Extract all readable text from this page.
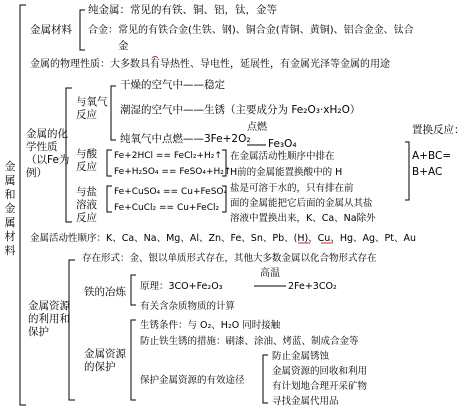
金属和金属材料
金属材料
纯金属：常见的有铁、铜、铝，钛，金等
合金：常见的有铁合金(生铁、钢)、铜合金(青铜、黄铜)、铝合金金、钛合
金
金属的物理性质：大多数具有导热性、导电性，延展性，有金属光泽等金属的用途
金属的化学性质（以Fe为例）
与氧气反应
干燥的空气中——稳定
潮湿的空气中——生锈（主要成分为 Fe₂O₃·xH₂O）
纯氧气中点燃——3Fe+2O₂
点燃
Fe₃O₄
与酸反应
Fe+2HCl == FeCl₂+H₂↑
Fe+H₂SO₄ == FeSO₄+H₂↑
在金属活动性顺序中排在
H前的金属能置换酸中的 H
与盐溶液反应
Fe+CuSO₄ == Cu+FeSO₄
Fe+CuCl₂ == Cu+FeCl₂
盐是可溶于水的，只有排在前
面的金属能把它后面的金属从其盐
溶液中置换出来，K、Ca、Na除外
置换反应：
A+BC=
B+AC
金属活动性顺序：K、Ca、Na、Mg、Al、Zn、Fe、Sn、Pb、(H)、Cu、Hg、Ag、Pt、Au
金属资源的利用和保护
存在形式：金、银以单质形式存在，其他大多数金属以化合物形式存在
铁的冶炼 原理：3CO+Fe₂O₃
高温
2Fe+3CO₂
有关含杂质物质的计算
金属资源的保护
生锈条件：与 O₂、H₂O 同时接触
防止铁生锈的措施：刷漆、涂油、烤蓝、制成合金等
保护金属资源的有效途径
防止金属锈蚀
金属资源的回收和利用
有计划地合理开采矿物
寻找金属代用品
